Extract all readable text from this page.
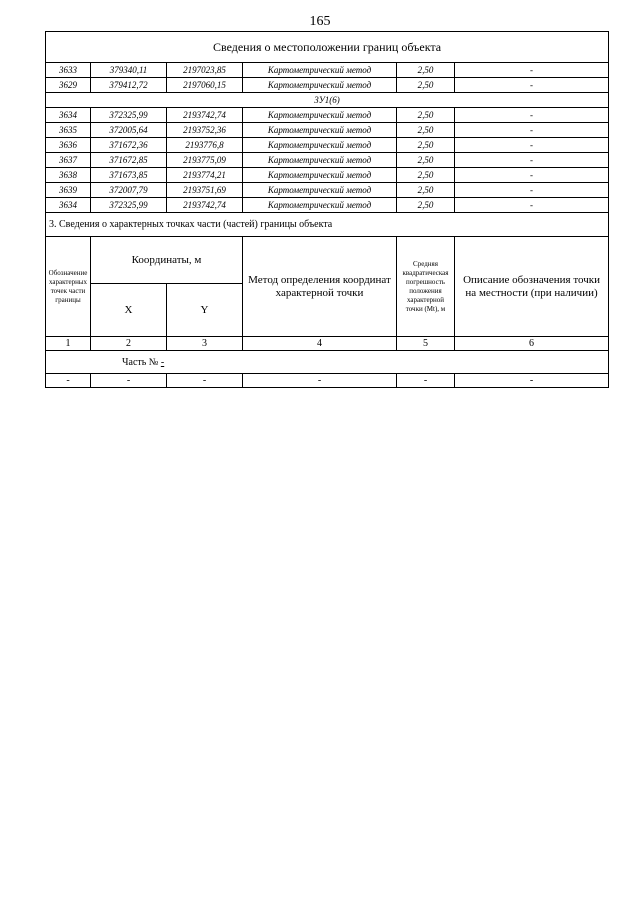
165
Сведения о местоположении границ объекта					
3633	379340,11	2197023,85	Картометрический метод	2,50	-
3629	379412,72	2197060,15	Картометрический метод	2,50	-
3У1(6)					
3634	372325,99	2193742,74	Картометрический метод	2,50	-
3635	372005,64	2193752,36	Картометрический метод	2,50	-
3636	371672,36	2193776,8	Картометрический метод	2,50	-
3637	371672,85	2193775,09	Картометрический метод	2,50	-
3638	371673,85	2193774,21	Картометрический метод	2,50	-
3639	372007,79	2193751,69	Картометрический метод	2,50	-
3634	372325,99	2193742,74	Картометрический метод	2,50	-
3. Сведения о характерных точках части (частей) границы объекта					
Обозначение характерных точек части границы	Координаты, м		Метод определения координат характерной точки	Средняя квадратическая погрешность положения характерной точки (Мt), м	Описание обозначения точки на местности (при наличии)
	X	Y			
1	2	3	4	5	6
Часть № -					
-	-	-	-	-	-
